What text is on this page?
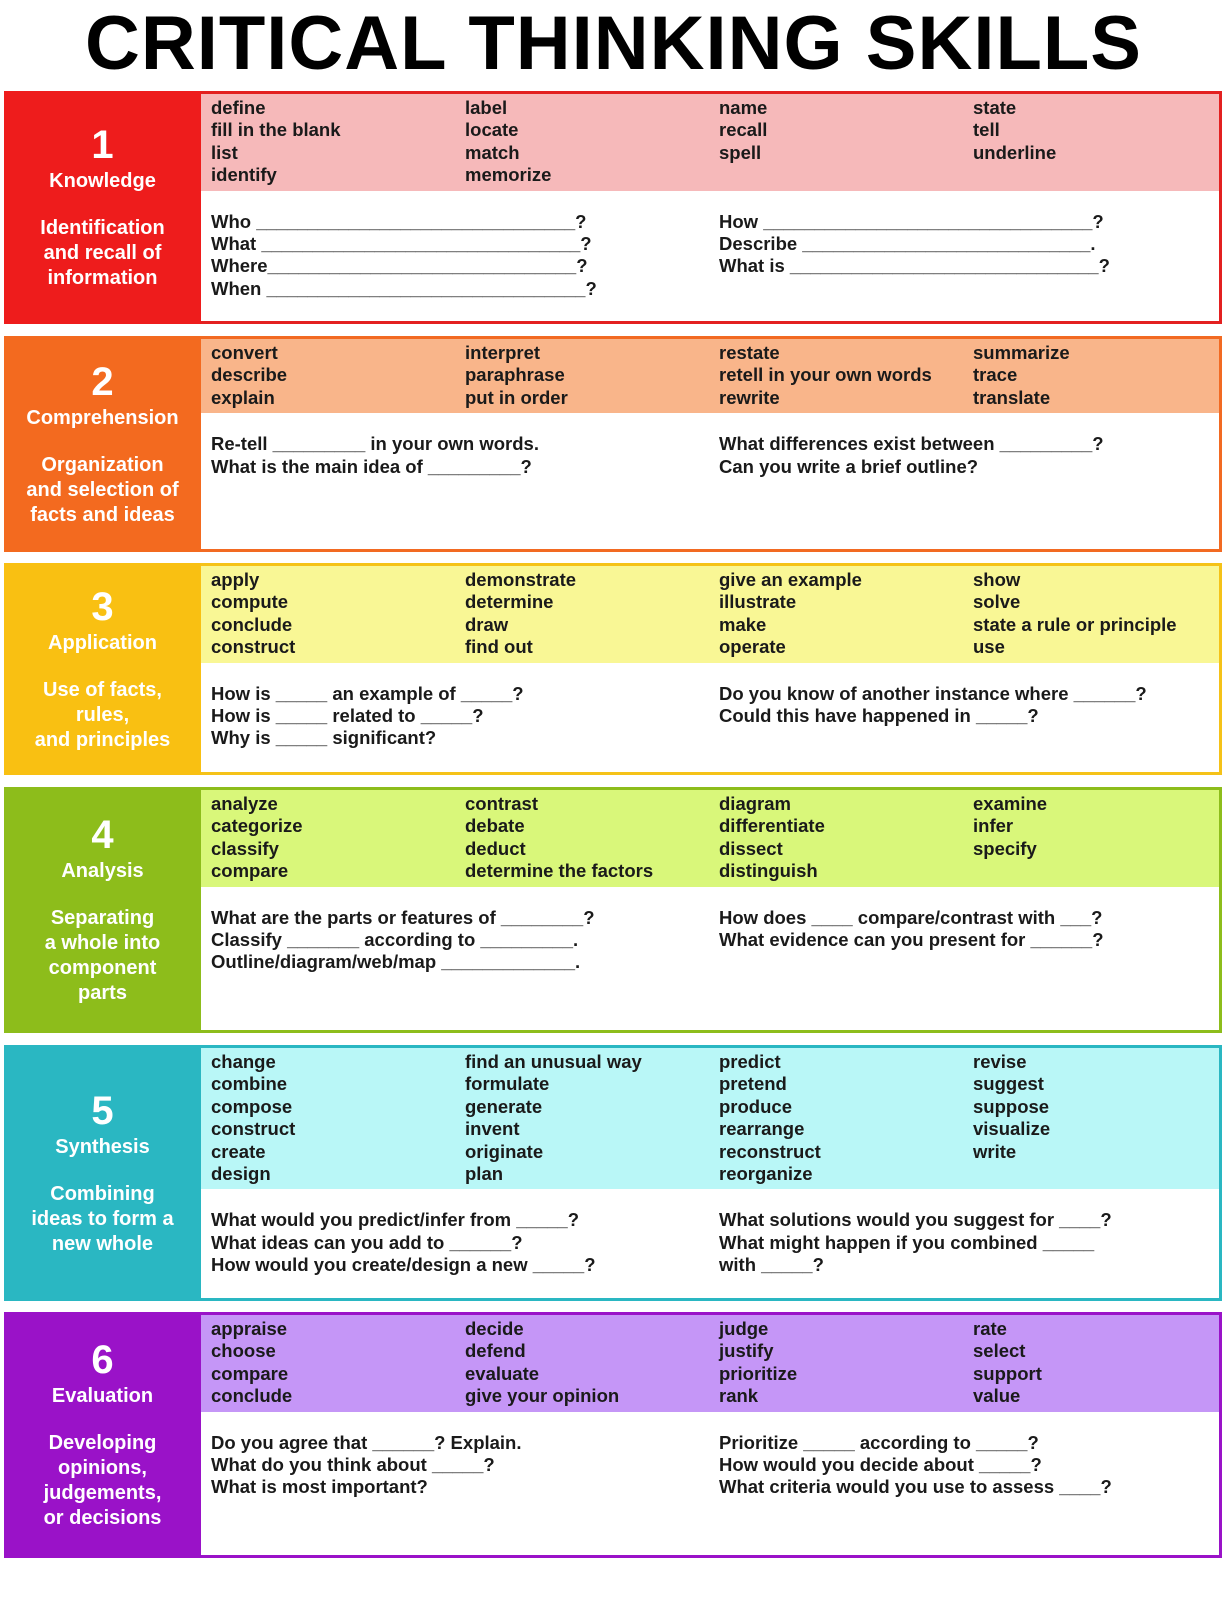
CRITICAL THINKING SKILLS
1
Knowledge
Identification
and recall of
information
define
fill in the blank
list
identify
label
locate
match
memorize
name
recall
spell
state
tell
underline
Who _______________________________?
What _______________________________?
Where______________________________?
When _______________________________?
How ________________________________?
Describe ____________________________.
What is ______________________________?
2
Comprehension
Organization
and selection of
facts and ideas
convert
describe
explain
interpret
paraphrase
put in order
restate
retell in your own words
rewrite
summarize
trace
translate
Re-tell _________ in your own words.
What is the main idea of _________?
What differences exist between _________?
Can you write a brief outline?
3
Application
Use of facts,
rules,
and principles
apply
compute
conclude
construct
demonstrate
determine
draw
find out
give an example
illustrate
make
operate
show
solve
state a rule or principle
use
How is _____ an example of _____?
How is _____ related to _____?
Why is _____ significant?
Do you know of another instance where ______?
Could this have happened in _____?
4
Analysis
Separating
a whole into
component
parts
analyze
categorize
classify
compare
contrast
debate
deduct
determine the factors
diagram
differentiate
dissect
distinguish
examine
infer
specify
What are the parts or features of ________?
Classify _______ according to _________.
Outline/diagram/web/map _____________.
How does ____ compare/contrast with ___?
What evidence can you present for ______?
5
Synthesis
Combining
ideas to form a
new whole
change
combine
compose
construct
create
design
find an unusual way
formulate
generate
invent
originate
plan
predict
pretend
produce
rearrange
reconstruct
reorganize
revise
suggest
suppose
visualize
write
What would you predict/infer from _____?
What ideas can you add to ______?
How would you create/design a new _____?
What solutions would you suggest for ____?
What might happen if you combined _____
with _____?
6
Evaluation
Developing
opinions,
judgements,
or decisions
appraise
choose
compare
conclude
decide
defend
evaluate
give your opinion
judge
justify
prioritize
rank
rate
select
support
value
Do you agree that ______? Explain.
What do you think about _____?
What is most important?
Prioritize _____ according to _____?
How would you decide about _____?
What criteria would you use to assess ____?
